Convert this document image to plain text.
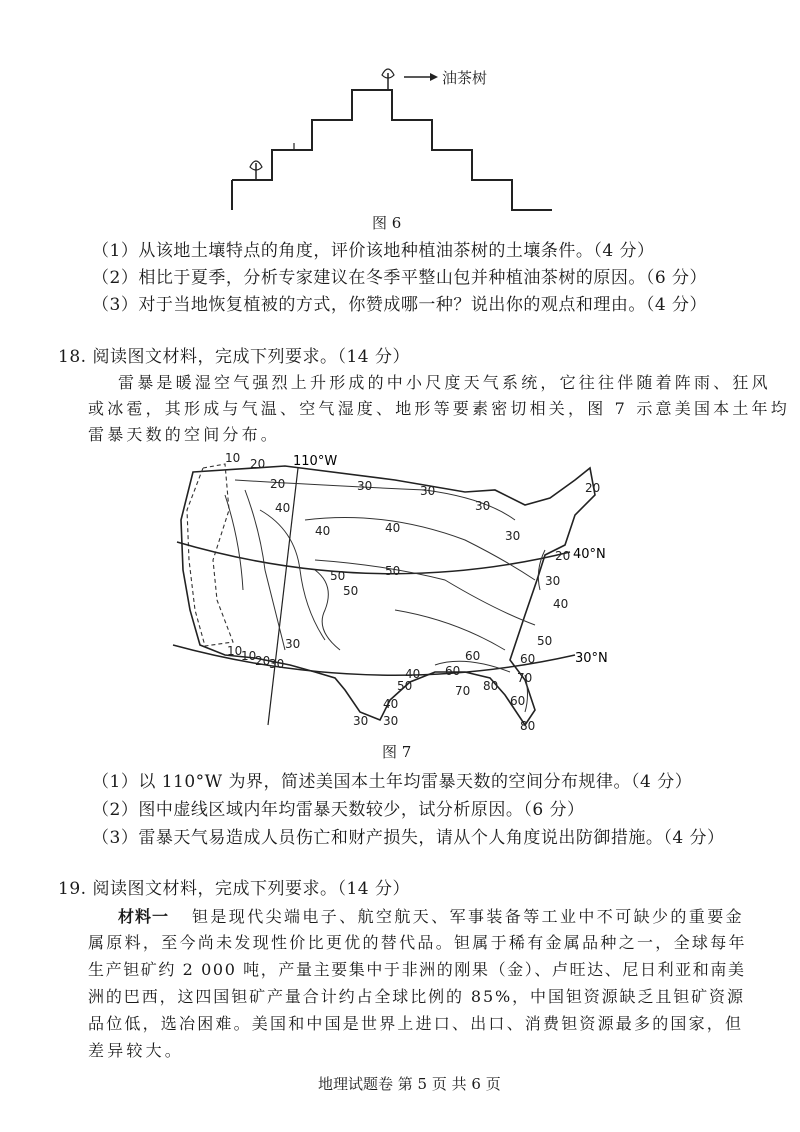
油茶树
图 6
（1）从该地土壤特点的角度，评价该地种植油茶树的土壤条件。（4 分）
（2）相比于夏季，分析专家建议在冬季平整山包并种植油茶树的原因。（6 分）
（3）对于当地恢复植被的方式，你赞成哪一种？说出你的观点和理由。（4 分）
18. 阅读图文材料，完成下列要求。（14 分）
雷暴是暖湿空气强烈上升形成的中小尺度天气系统，它往往伴随着阵雨、狂风
或冰雹，其形成与气温、空气湿度、地形等要素密切相关，图 7 示意美国本土年均
雷暴天数的空间分布。
110°W
40°N
30°N
10 20
30	20
30
30
20
40	40
30
40
50
50
50
20
30
40
50
60
30
10
10
20
30	60
70 80
70
80
50
40
30
30
40
60
60
图 7
（1）以 110°W 为界，简述美国本土年均雷暴天数的空间分布规律。（4 分）
（2）图中虚线区域内年均雷暴天数较少，试分析原因。（6 分）
（3）雷暴天气易造成人员伤亡和财产损失，请从个人角度说出防御措施。（4 分）
19. 阅读图文材料，完成下列要求。（14 分）
材料一 钽是现代尖端电子、航空航天、军事装备等工业中不可缺少的重要金
属原料，至今尚未发现性价比更优的替代品。钽属于稀有金属品种之一，全球每年
生产钽矿约 2 000 吨，产量主要集中于非洲的刚果（金）、卢旺达、尼日利亚和南美
洲的巴西，这四国钽矿产量合计约占全球比例的 85%，中国钽资源缺乏且钽矿资源
品位低，选冶困难。美国和中国是世界上进口、出口、消费钽资源最多的国家，但
差异较大。
地理试题卷 第 5 页 共 6 页
